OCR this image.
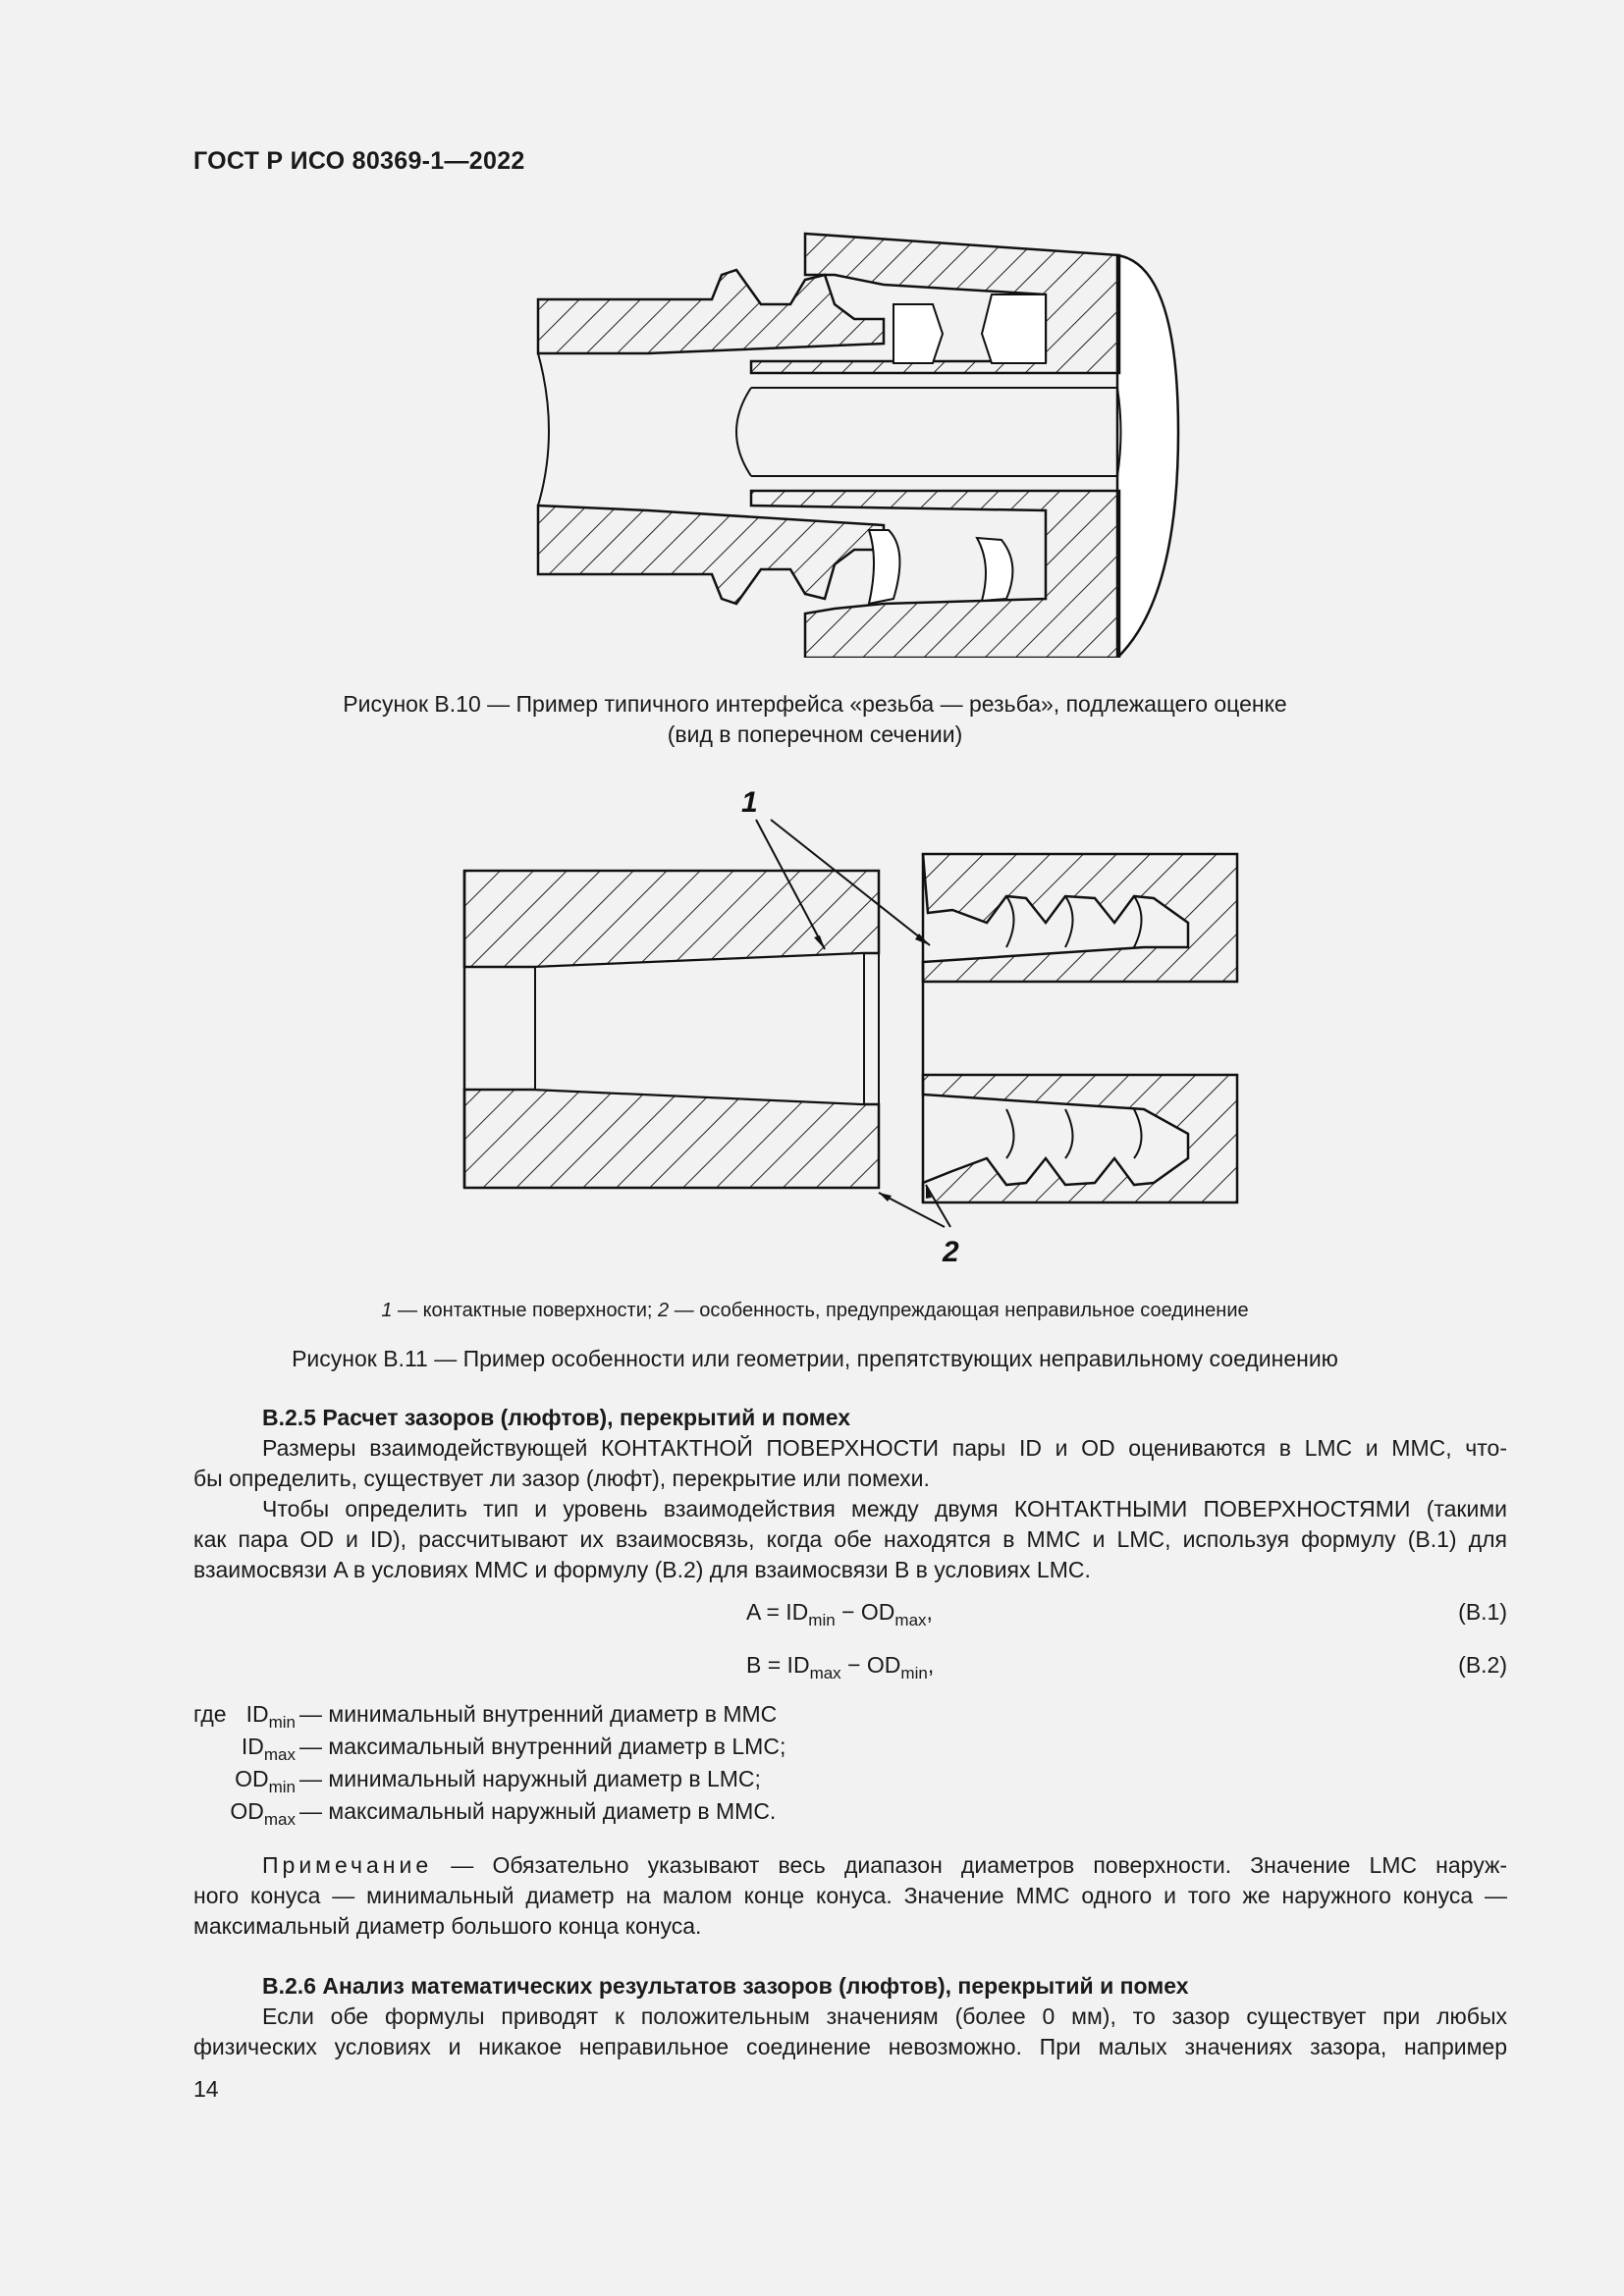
ГОСТ Р ИСО 80369-1—2022
Рисунок В.10 — Пример типичного интерфейса «резьба — резьба», подлежащего оценке
(вид в поперечном сечении)
1
2
1 — контактные поверхности; 2 — особенность, предупреждающая неправильное соединение
Рисунок В.11 — Пример особенности или геометрии, препятствующих неправильному соединению
В.2.5 Расчет зазоров (люфтов), перекрытий и помех
Размеры взаимодействующей КОНТАКТНОЙ ПОВЕРХНОСТИ пары ID и OD оцениваются в LMC и MMC, что-
бы определить, существует ли зазор (люфт), перекрытие или помехи.
Чтобы определить тип и уровень взаимодействия между двумя КОНТАКТНЫМИ ПОВЕРХНОСТЯМИ (такими
как пара OD и ID), рассчитывают их взаимосвязь, когда обе находятся в MMC и LMC, используя формулу (B.1) для
взаимосвязи A в условиях MMC и формулу (B.2) для взаимосвязи B в условиях LMC.
$A = ID_{min} - OD_{max}$,	(B.1)
$B = ID_{max} - OD_{min}$,	(B.2)
где $ID_{min}$ — минимальный внутренний диаметр в MMC
$ID_{max}$ — максимальный внутренний диаметр в LMC;
$OD_{min}$ — минимальный наружный диаметр в LMC;
$OD_{max}$ — максимальный наружный диаметр в MMC.
Примечание — Обязательно указывают весь диапазон диаметров поверхности. Значение LMC наруж-
ного конуса — минимальный диаметр на малом конце конуса. Значение MMC одного и того же наружного конуса —
максимальный диаметр большого конца конуса.
В.2.6 Анализ математических результатов зазоров (люфтов), перекрытий и помех
Если обе формулы приводят к положительным значениям (более 0 мм), то зазор существует при любых
физических условиях и никакое неправильное соединение невозможно. При малых значениях зазора, например
14
